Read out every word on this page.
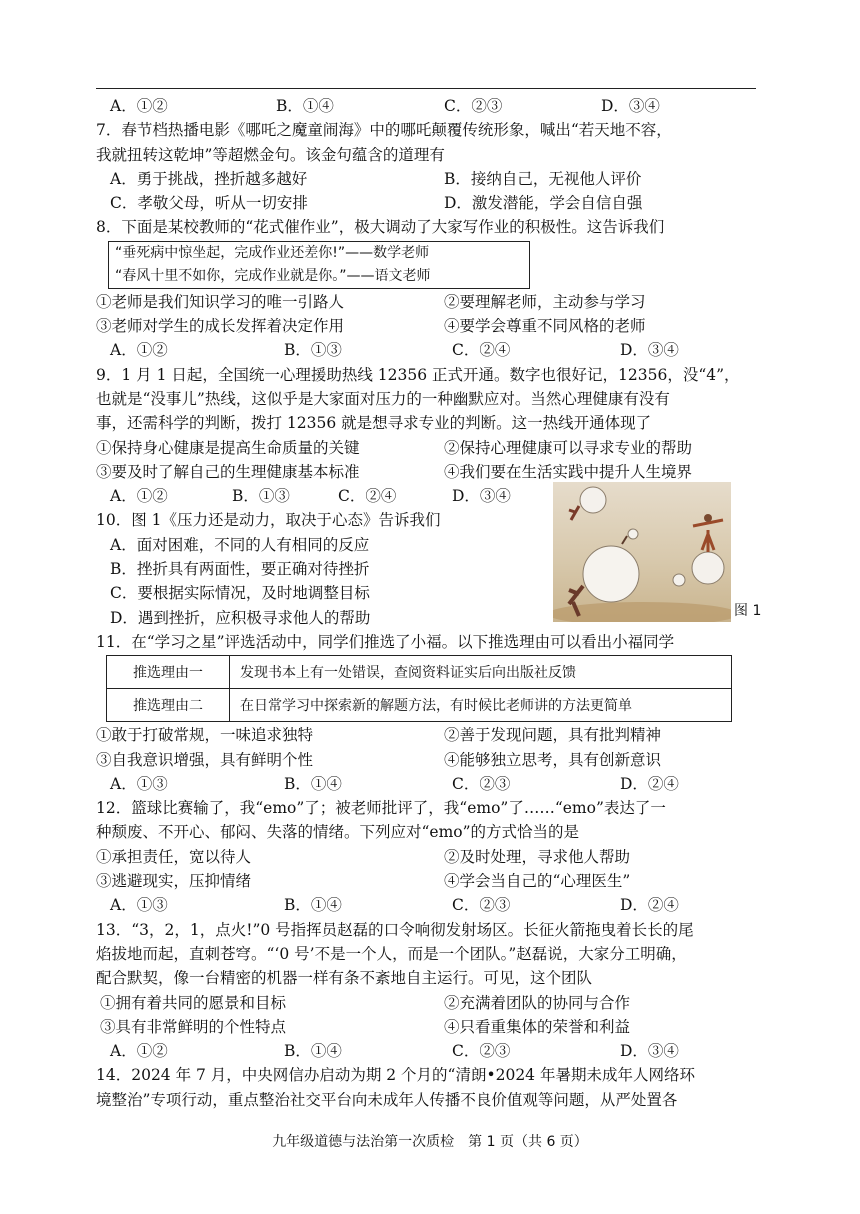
A．①②	B．①④	C．②③	D．③④
7．春节档热播电影《哪吒之魔童闹海》中的哪吒颠覆传统形象，喊出“若天地不容，
我就扭转这乾坤”等超燃金句。该金句蕴含的道理有
A．勇于挑战，挫折越多越好	B．接纳自己，无视他人评价
C．孝敬父母，听从一切安排	D．激发潜能，学会自信自强
8．下面是某校教师的“花式催作业”，极大调动了大家写作业的积极性。这告诉我们
“垂死病中惊坐起，完成作业还差你!”——数学老师
“春风十里不如你，完成作业就是你。”——语文老师
①老师是我们知识学习的唯一引路人	②要理解老师，主动参与学习
③老师对学生的成长发挥着决定作用	④要学会尊重不同风格的老师
A．①②	B．①③	C．②④	D．③④
9．1 月 1 日起，全国统一心理援助热线 12356 正式开通。数字也很好记，12356，没“4”，
也就是“没事儿”热线，这似乎是大家面对压力的一种幽默应对。当然心理健康有没有
事，还需科学的判断，拨打 12356 就是想寻求专业的判断。这一热线开通体现了
①保持身心健康是提高生命质量的关键	②保持心理健康可以寻求专业的帮助
③要及时了解自己的生理健康基本标准	④我们要在生活实践中提升人生境界
A．①②	B．①③	C．②④	D．③④
10．图 1《压力还是动力，取决于心态》告诉我们
A．面对困难，不同的人有相同的反应
B．挫折具有两面性，要正确对待挫折
C．要根据实际情况，及时地调整目标
D．遇到挫折，应积极寻求他人的帮助
11．在“学习之星”评选活动中，同学们推选了小福。以下推选理由可以看出小福同学
推选理由一	发现书本上有一处错误，查阅资料证实后向出版社反馈
推选理由二	在日常学习中探索新的解题方法，有时候比老师讲的方法更简单
①敢于打破常规，一味追求独特	②善于发现问题，具有批判精神
③自我意识增强，具有鲜明个性	④能够独立思考，具有创新意识
A．①③	B．①④	C．②③	D．②④
12．篮球比赛输了，我“emo”了；被老师批评了，我“emo”了……“emo”表达了一
种颓废、不开心、郁闷、失落的情绪。下列应对“emo”的方式恰当的是
①承担责任，宽以待人	②及时处理，寻求他人帮助
③逃避现实，压抑情绪	④学会当自己的“心理医生”
A．①③	B．①④	C．②③	D．②④
13．“3，2，1，点火!”0 号指挥员赵磊的口令响彻发射场区。长征火箭拖曳着长长的尾
焰拔地而起，直刺苍穹。“‘0 号’不是一个人，而是一个团队。”赵磊说，大家分工明确，
配合默契，像一台精密的机器一样有条不紊地自主运行。可见，这个团队
①拥有着共同的愿景和目标	②充满着团队的协同与合作
③具有非常鲜明的个性特点	④只看重集体的荣誉和利益
A．①②	B．①④	C．②③	D．③④
14．2024 年 7 月，中央网信办启动为期 2 个月的“清朗•2024 年暑期未成年人网络环
境整治”专项行动，重点整治社交平台向未成年人传播不良价值观等问题，从严处置各
图 1
九年级道德与法治第一次质检　第 1 页（共 6 页）
